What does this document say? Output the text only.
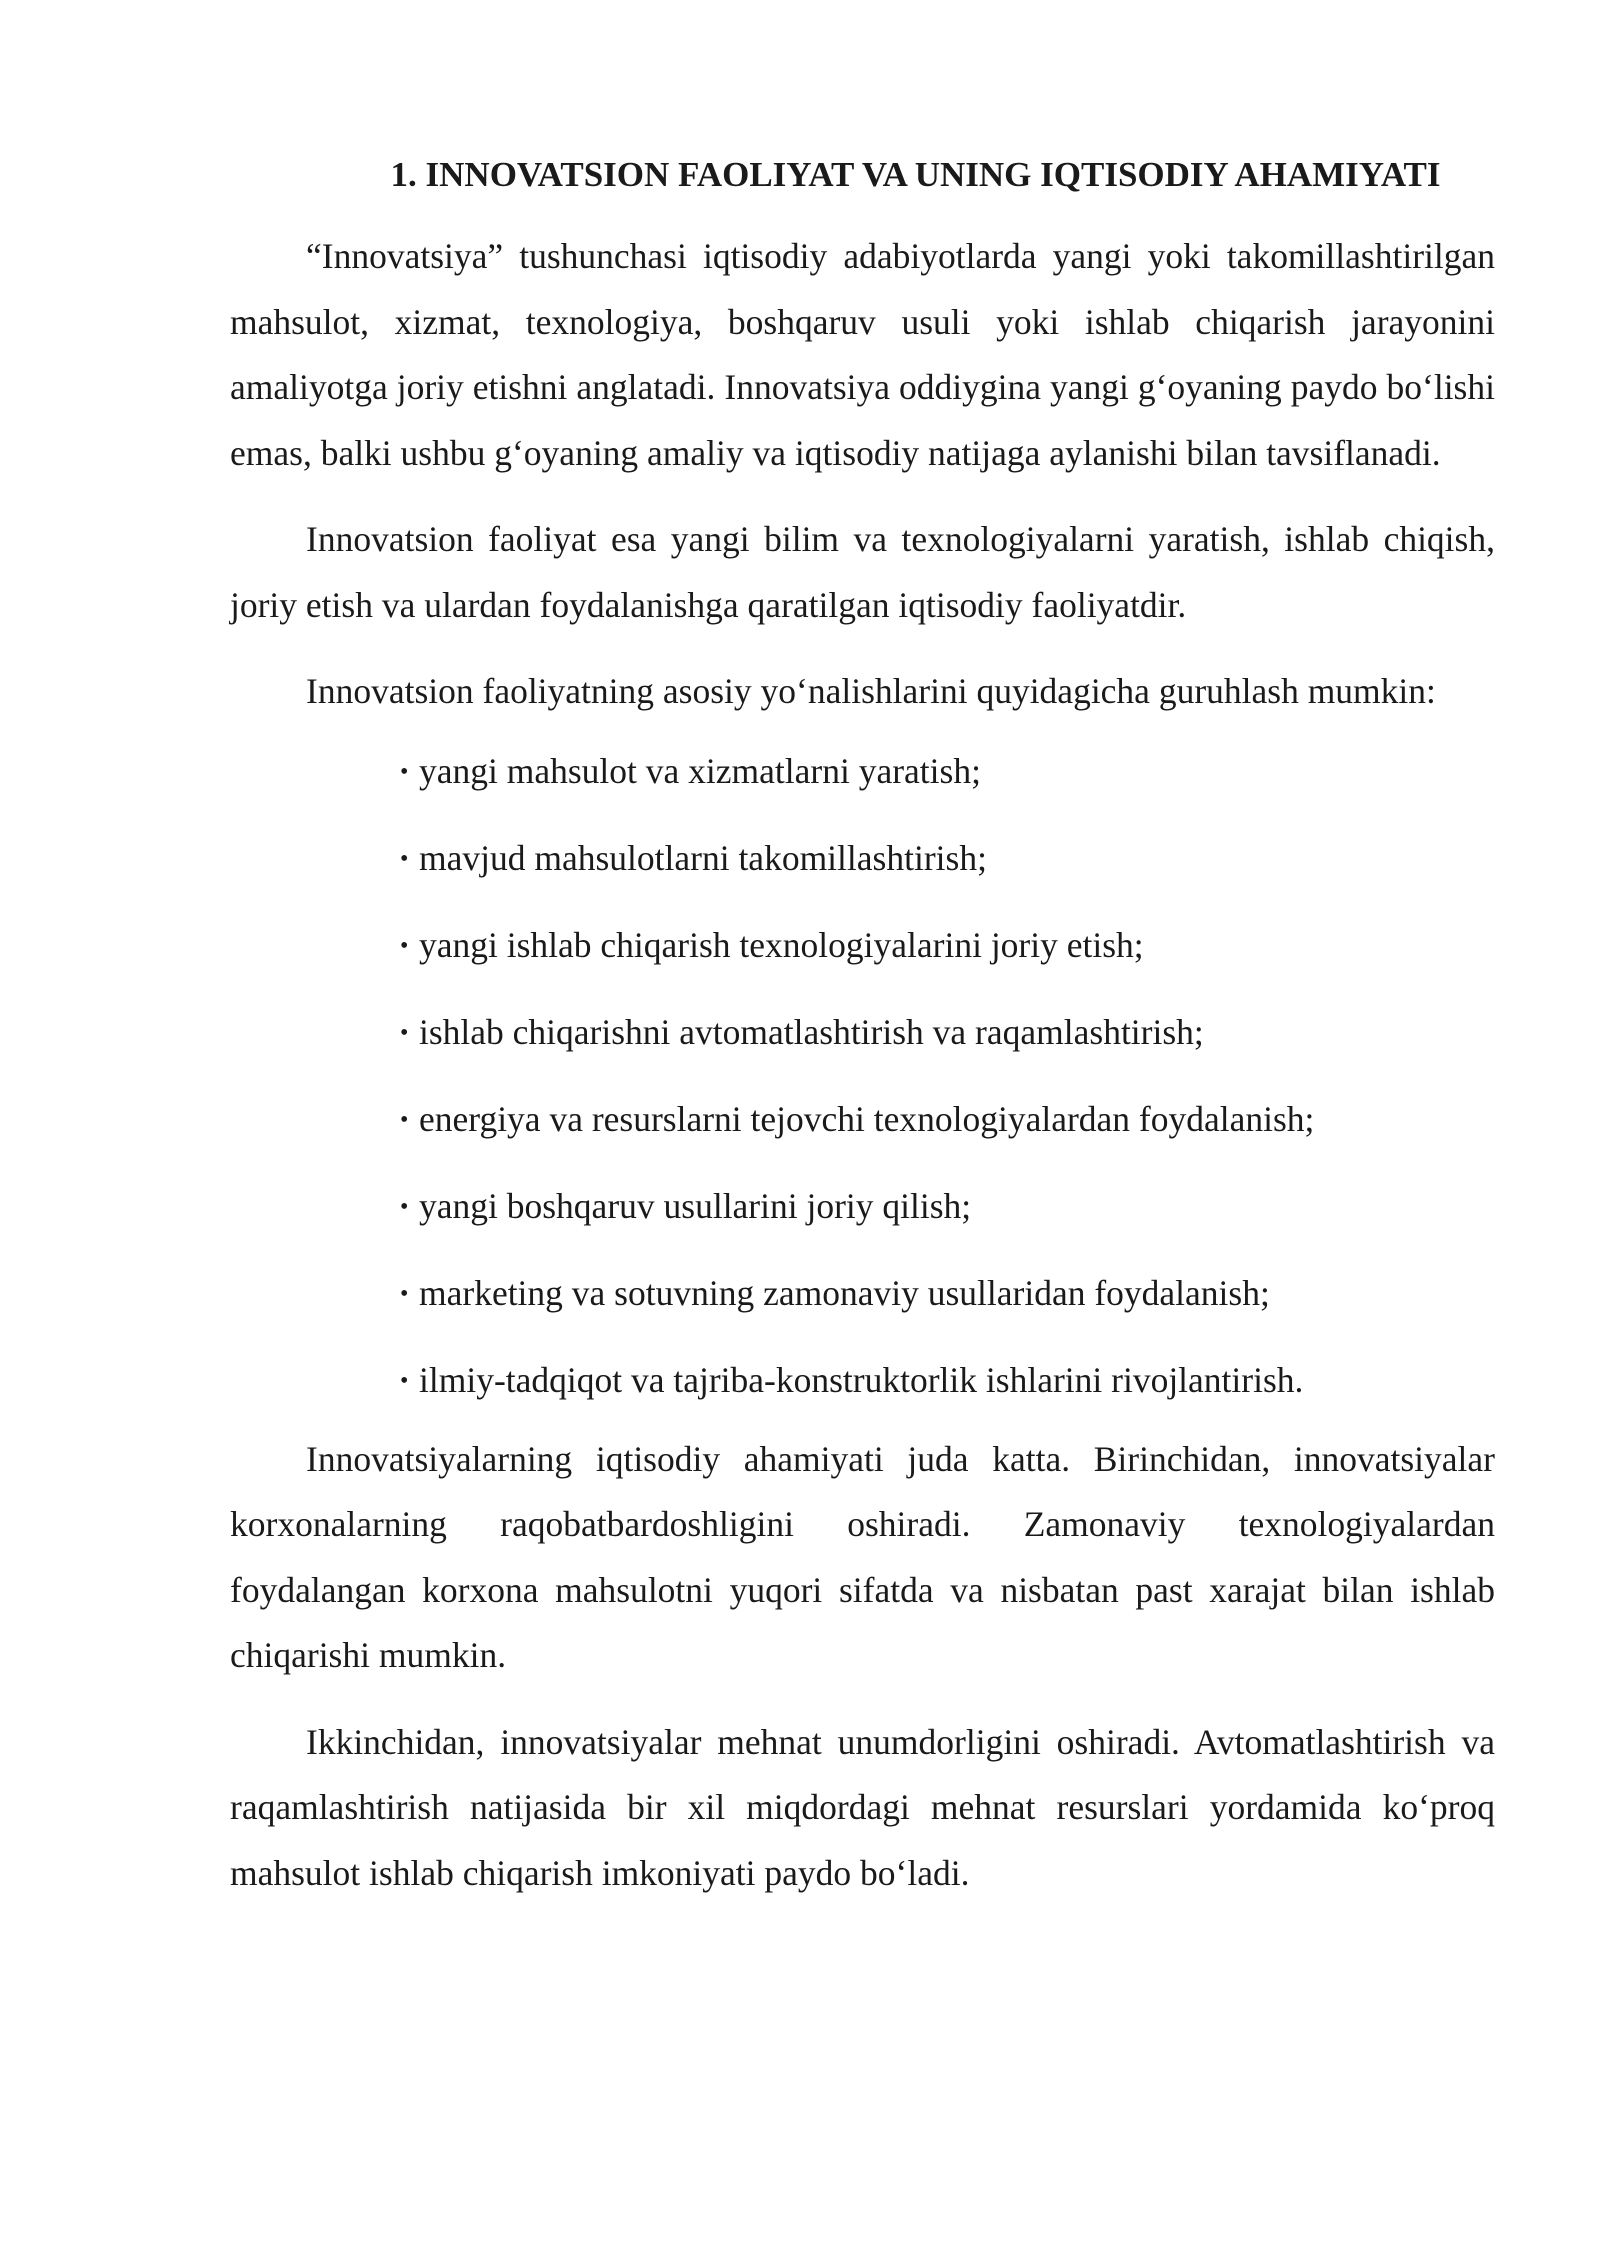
1. INNOVATSION FAOLIYAT VA UNING IQTISODIY AHAMIYATI

“Innovatsiya” tushunchasi iqtisodiy adabiyotlarda yangi yoki takomillashtirilgan mahsulot, xizmat, texnologiya, boshqaruv usuli yoki ishlab chiqarish jarayonini amaliyotga joriy etishni anglatadi. Innovatsiya oddiygina yangi g‘oyaning paydo bo‘lishi emas, balki ushbu g‘oyaning amaliy va iqtisodiy natijaga aylanishi bilan tavsiflanadi.

Innovatsion faoliyat esa yangi bilim va texnologiyalarni yaratish, ishlab chiqish, joriy etish va ulardan foydalanishga qaratilgan iqtisodiy faoliyatdir.

Innovatsion faoliyatning asosiy yo‘nalishlarini quyidagicha guruhlash mumkin:

• yangi mahsulot va xizmatlarni yaratish;
• mavjud mahsulotlarni takomillashtirish;
• yangi ishlab chiqarish texnologiyalarini joriy etish;
• ishlab chiqarishni avtomatlashtirish va raqamlashtirish;
• energiya va resurslarni tejovchi texnologiyalardan foydalanish;
• yangi boshqaruv usullarini joriy qilish;
• marketing va sotuvning zamonaviy usullaridan foydalanish;
• ilmiy-tadqiqot va tajriba-konstruktorlik ishlarini rivojlantirish.

Innovatsiyalarning iqtisodiy ahamiyati juda katta. Birinchidan, innovatsiyalar korxonalarning raqobatbardoshligini oshiradi. Zamonaviy texnologiyalardan foydalangan korxona mahsulotni yuqori sifatda va nisbatan past xarajat bilan ishlab chiqarishi mumkin.

Ikkinchidan, innovatsiyalar mehnat unumdorligini oshiradi. Avtomatlashtirish va raqamlashtirish natijasida bir xil miqdordagi mehnat resurslari yordamida ko‘proq mahsulot ishlab chiqarish imkoniyati paydo bo‘ladi.
